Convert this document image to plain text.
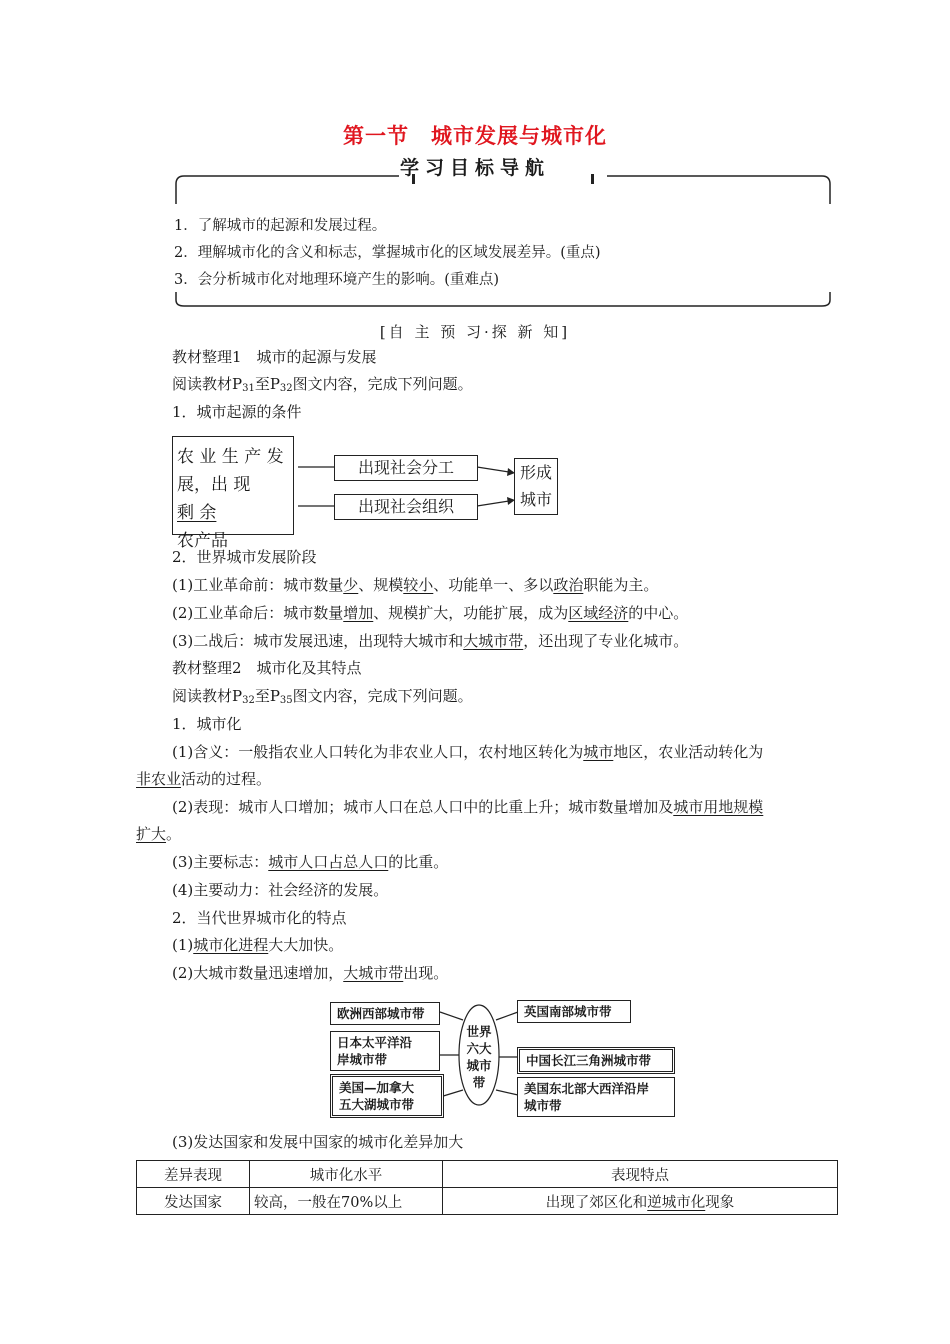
第一节　城市发展与城市化
学习目标导航
1．了解城市的起源和发展过程。
2．理解城市化的含义和标志，掌握城市化的区域发展差异。(重点)
3．会分析城市化对地理环境产生的影响。(重难点)
[自 主 预 习·探 新 知]
教材整理1　城市的起源与发展
阅读教材$P_{31}$至$P_{32}$图文内容，完成下列问题。
1．城市起源的条件
农 业 生 产 发
展，出 现
剩 余
农产品
出现社会分工
出现社会组织
形成
城市
2．世界城市发展阶段
(1)工业革命前：城市数量少、规模较小、功能单一、多以政治职能为主。
(2)工业革命后：城市数量增加、规模扩大，功能扩展，成为区域经济的中心。
(3)二战后：城市发展迅速，出现特大城市和大城市带，还出现了专业化城市。
教材整理2　城市化及其特点
阅读教材$P_{32}$至$P_{35}$图文内容，完成下列问题。
1．城市化
(1)含义：一般指农业人口转化为非农业人口，农村地区转化为城市地区，农业活动转化为
非农业活动的过程。
(2)表现：城市人口增加；城市人口在总人口中的比重上升；城市数量增加及城市用地规模
扩大。
(3)主要标志：城市人口占总人口的比重。
(4)主要动力：社会经济的发展。
2．当代世界城市化的特点
(1)城市化进程大大加快。
(2)大城市数量迅速增加，大城市带出现。
世界
六大
城市
带
欧洲西部城市带
日本太平洋沿
岸城市带
美国—加拿大
五大湖城市带
英国南部城市带
中国长江三角洲城市带
美国东北部大西洋沿岸
城市带
(3)发达国家和发展中国家的城市化差异加大
差异表现	城市化水平	表现特点
发达国家	较高，一般在70%以上	出现了郊区化和逆城市化现象
